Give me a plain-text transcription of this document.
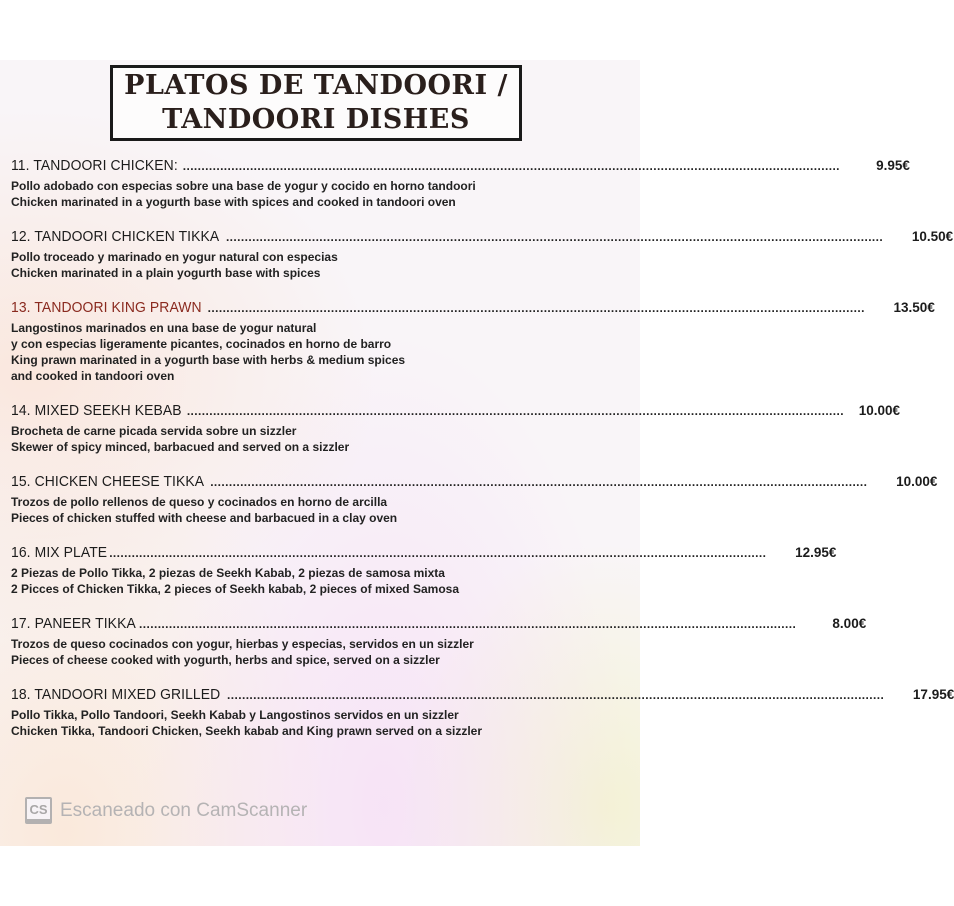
PLATOS DE TANDOORI /
TANDOORI DISHES
11. TANDOORI CHICKEN: ................................................................................................................................................................................	9.95€
Pollo adobado con especias sobre una base de yogur y cocido en horno tandoori
Chicken marinated in a yogurth base with spices and cooked in tandoori oven
12. TANDOORI CHICKEN TIKKA ................................................................................................................................................................................	10.50€
Pollo troceado y marinado en yogur natural con especias
Chicken marinated in a plain yogurth base with spices
13. TANDOORI KING PRAWN ................................................................................................................................................................................	13.50€
Langostinos marinados en una base de yogur natural
y con especias ligeramente picantes, cocinados en horno de barro
King prawn marinated in a yogurth base with herbs & medium spices
and cooked in tandoori oven
14. MIXED SEEKH KEBAB ................................................................................................................................................................................	10.00€
Brocheta de carne picada servida sobre un sizzler
Skewer of spicy minced, barbacued and served on a sizzler
15. CHICKEN CHEESE TIKKA ................................................................................................................................................................................	10.00€
Trozos de pollo rellenos de queso y cocinados en horno de arcilla
Pieces of chicken stuffed with cheese and barbacued in a clay oven
16. MIX PLATE ................................................................................................................................................................................	12.95€
2 Piezas de Pollo Tikka, 2 piezas de Seekh Kabab, 2 piezas de samosa mixta
2 Picces of Chicken Tikka, 2 pieces of Seekh kabab, 2 pieces of mixed Samosa
17. PANEER TIKKA ................................................................................................................................................................................	8.00€
Trozos de queso cocinados con yogur, hierbas y especias, servidos en un sizzler
Pieces of cheese cooked with yogurth, herbs and spice, served on a sizzler
18. TANDOORI MIXED GRILLED ................................................................................................................................................................................	17.95€
Pollo Tikka, Pollo Tandoori, Seekh Kabab y Langostinos servidos en un sizzler
Chicken Tikka, Tandoori Chicken, Seekh kabab and King prawn served on a sizzler
CS Escaneado con CamScanner
